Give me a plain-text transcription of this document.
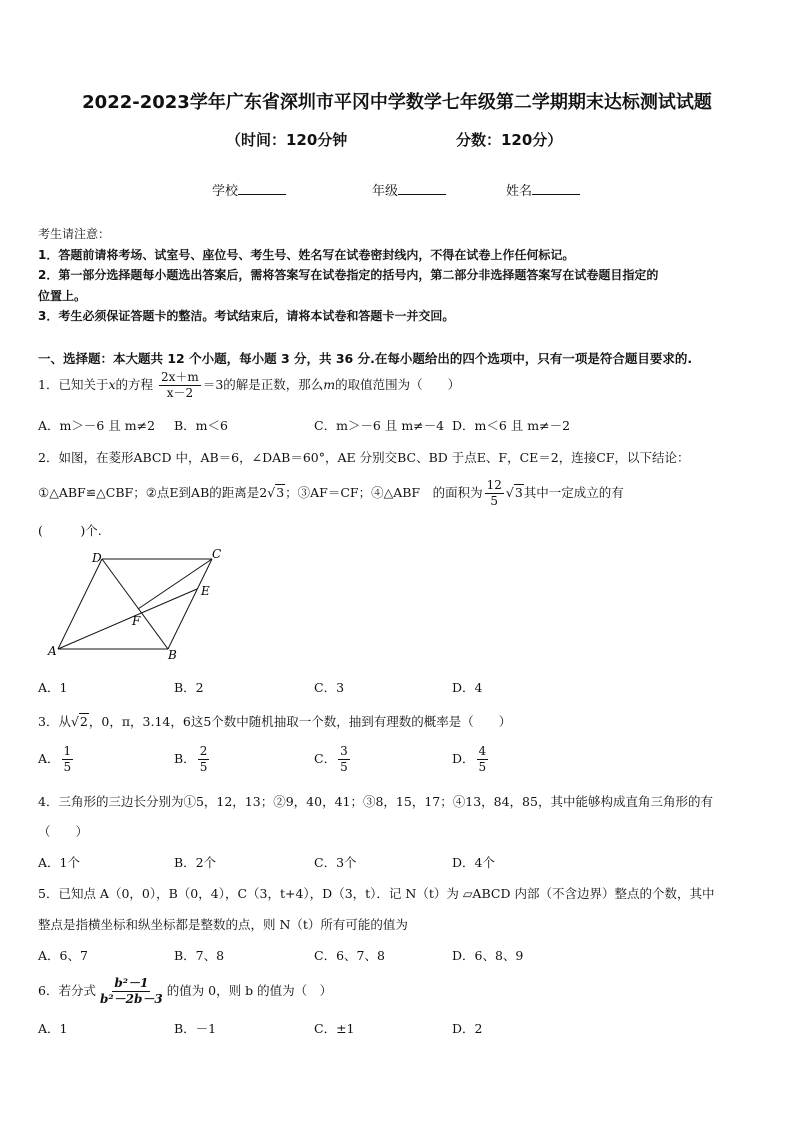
2022-2023学年广东省深圳市平冈中学数学七年级第二学期期末达标测试试题
（时间：120分钟	分数：120分）
学校	年级	姓名
考生请注意：
1．答题前请将考场、试室号、座位号、考生号、姓名写在试卷密封线内，不得在试卷上作任何标记。
2．第一部分选择题每小题选出答案后，需将答案写在试卷指定的括号内，第二部分非选择题答案写在试卷题目指定的
位置上。
3．考生必须保证答题卡的整洁。考试结束后，请将本试卷和答题卡一并交回。
一、选择题：本大题共 12 个小题，每小题 3 分，共 36 分.在每小题给出的四个选项中，只有一项是符合题目要求的.
1．已知关于x的方程 $\frac{2x+m}{x-2} =3$的解是正数，那么m的取值范围为（　　）
A．m＞－6 且 m≠2 B．m＜6	C．m＞－6 且 m≠－4 D．m＜6 且 m≠－2
2．如图，在菱形ABCD 中，AB＝6，∠DAB＝60°，AE 分别交BC、BD 于点E、F，CE＝2，连接CF，以下结论：
①△ABF≌△CBF；②点E到AB的距离是2√3；③AF＝CF；④△ABF　的面积为 $\frac{12}{5} √3$其中一定成立的有
(　　　)个.
A	B
C
D
E
F
A．1	B．2	C．3	D．4
3．从√2，0，π，3.14，6这5个数中随机抽取一个数，抽到有理数的概率是（　　）
A． $\frac{1}{5}$	B． $\frac{2}{5}$	C． $\frac{3}{5}$	D． $\frac{4}{5}$
4．三角形的三边长分别为①5，12，13；②9，40，41；③8，15，17；④13，84，85，其中能够构成直角三角形的有
（　　）
A．1个	B．2个	C．3个	D．4个
5．已知点 A（0，0），B（0，4），C（3，t+4），D（3，t）．记 N（t）为 ▱ABCD 内部（不含边界）整点的个数，其中
整点是指横坐标和纵坐标都是整数的点，则 N（t）所有可能的值为
A．6、7	B．7、8	C．6、7、8	D．6、8、9
6．若分式 $\frac{\text{b²－1}}{\text{b²－2b－3}}$ 的值为 0，则 b 的值为（　）
A．1	B．－1	C．±1	D．2
